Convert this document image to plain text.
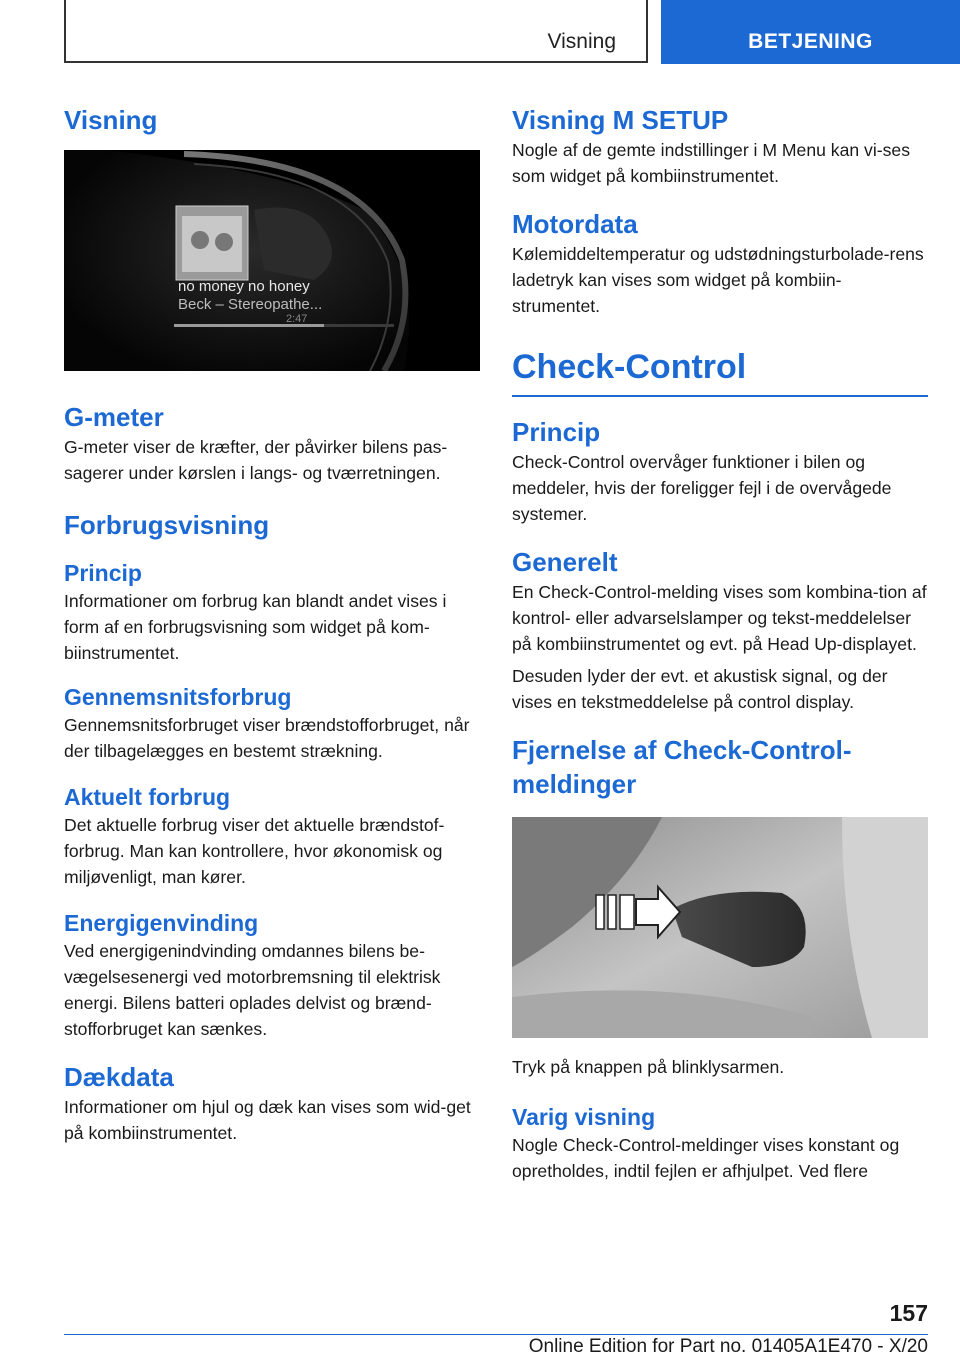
Visning	BETJENING
Visning
no money no honey
Beck – Stereopathe...
2:47
G-meter

G-meter viser de kræfter, der påvirker bilens pas-sagerer under kørslen i langs- og tværretningen.

Forbrugsvisning
Princip

Informationer om forbrug kan blandt andet vises i form af en forbrugsvisning som widget på kom-biinstrumentet.

Gennemsnitsforbrug

Gennemsnitsforbruget viser brændstofforbruget, når der tilbagelægges en bestemt strækning.

Aktuelt forbrug

Det aktuelle forbrug viser det aktuelle brændstof-forbrug. Man kan kontrollere, hvor økonomisk og miljøvenligt, man kører.

Energigenvinding

Ved energigenindvinding omdannes bilens be-vægelsesenergi ved motorbremsning til elektrisk energi. Bilens batteri oplades delvist og brænd-stofforbruget kan sænkes.

Dækdata

Informationer om hjul og dæk kan vises som wid-get på kombiinstrumentet.

Visning M SETUP

Nogle af de gemte indstillinger i M Menu kan vi-ses som widget på kombiinstrumentet.

Motordata

Kølemiddeltemperatur og udstødningsturbolade-rens ladetryk kan vises som widget på kombiin-strumentet.

Check-Control
Princip

Check-Control overvåger funktioner i bilen og meddeler, hvis der foreligger fejl i de overvågede systemer.

Generelt

En Check-Control-melding vises som kombina-tion af kontrol- eller advarselslamper og tekst-meddelelser på kombiinstrumentet og evt. på Head Up-displayet.

Desuden lyder der evt. et akustisk signal, og der vises en tekstmeddelelse på control display.

Fjernelse af Check-Control-meldinger

Tryk på knappen på blinklysarmen.

Varig visning

Nogle Check-Control-meldinger vises konstant og opretholdes, indtil fejlen er afhjulpet. Ved flere

157
Online Edition for Part no. 01405A1E470 - X/20
